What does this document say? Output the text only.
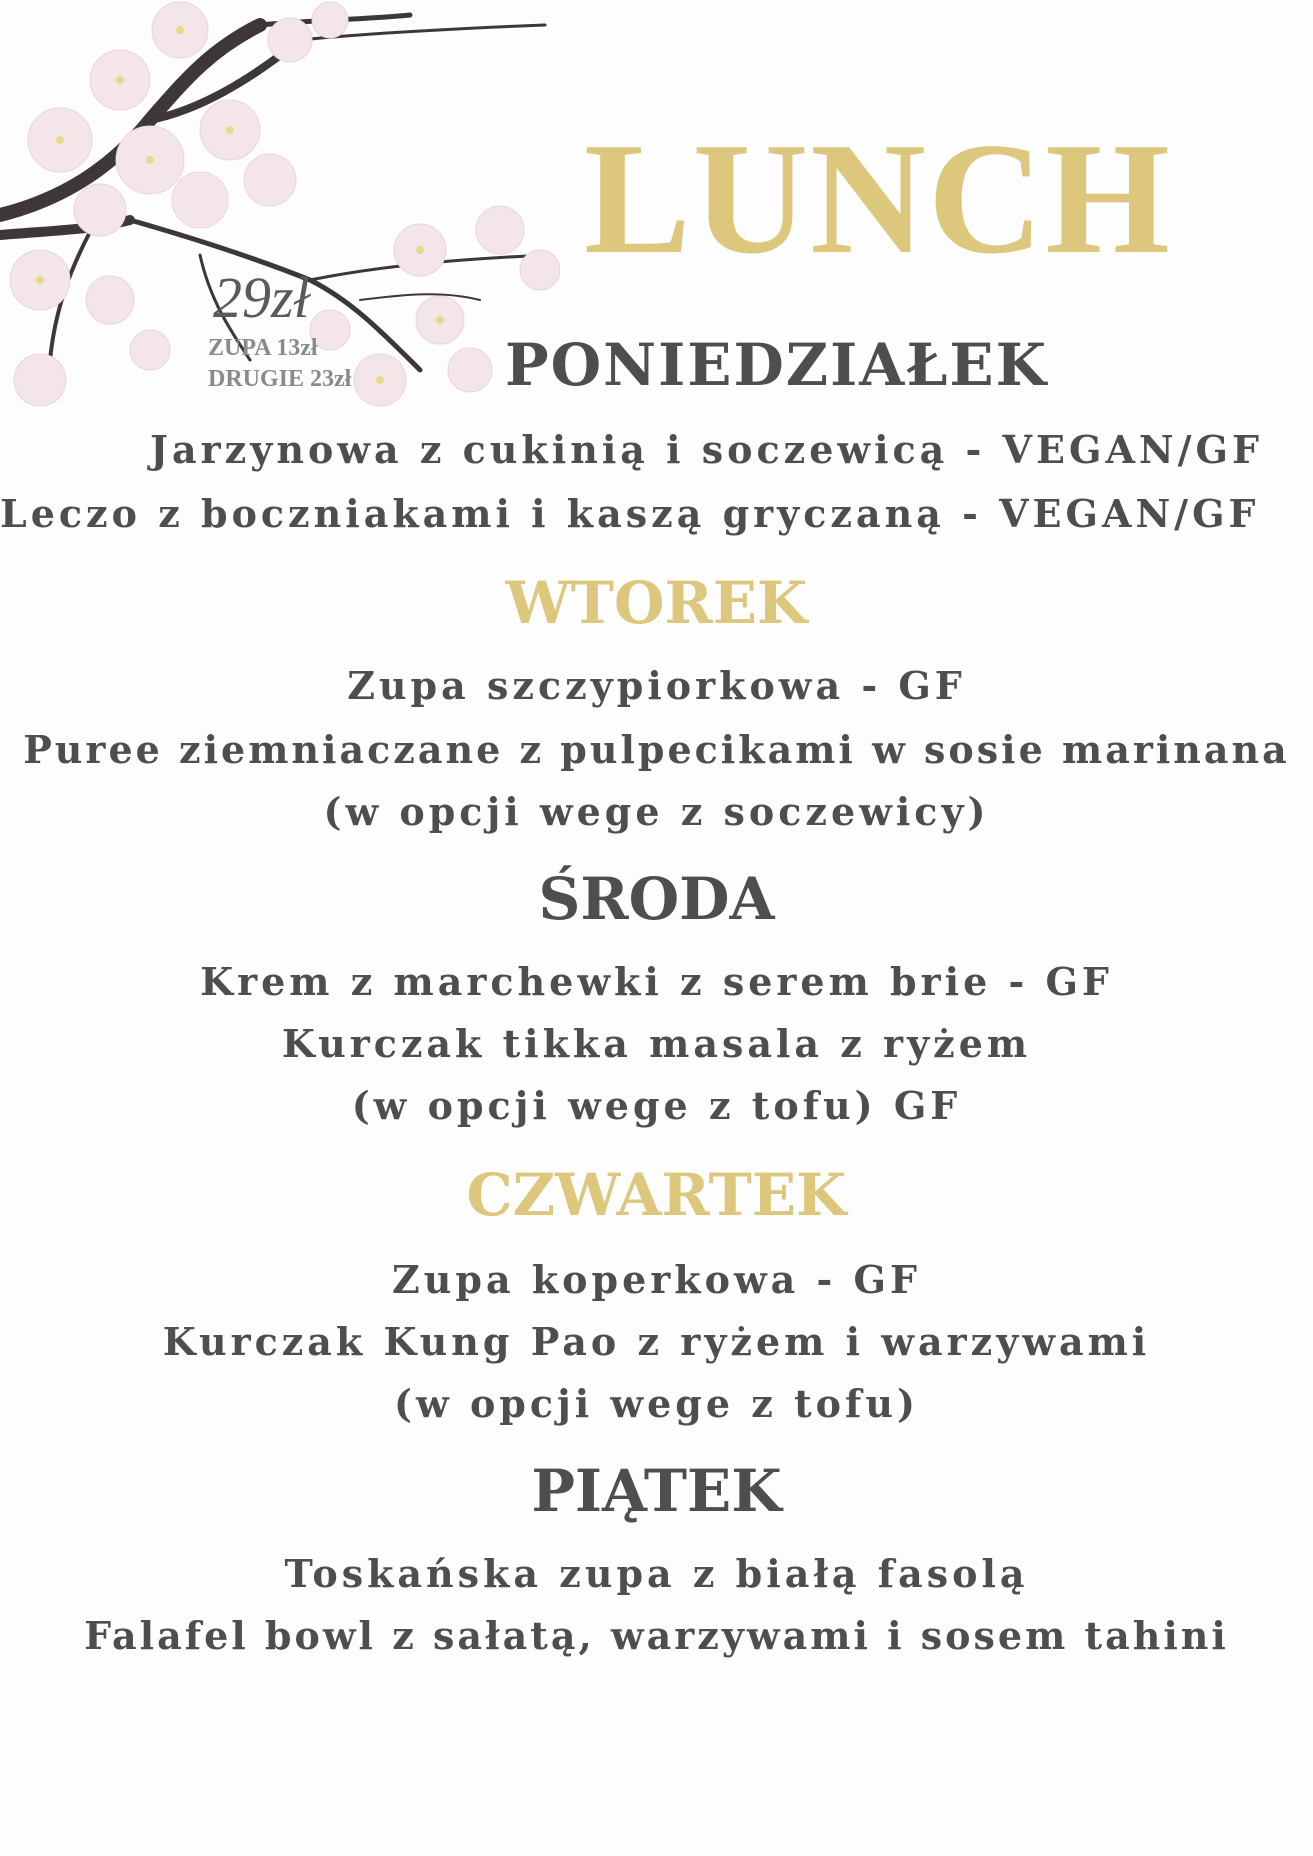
LUNCH
29zł
ZUPA 13zł
DRUGIE 23zł	PONIEDZIAŁEK
Jarzynowa z cukinią i soczewicą - VEGAN/GF
Leczo z boczniakami i kaszą gryczaną - VEGAN/GF
WTOREK
Zupa szczypiorkowa - GF
Puree ziemniaczane z pulpecikami w sosie marinana
(w opcji wege z soczewicy)
ŚRODA
Krem z marchewki z serem brie - GF
Kurczak tikka masala z ryżem
(w opcji wege z tofu) GF
CZWARTEK
Zupa koperkowa - GF
Kurczak Kung Pao z ryżem i warzywami
(w opcji wege z tofu)
PIĄTEK
Toskańska zupa z białą fasolą
Falafel bowl z sałatą, warzywami i sosem tahini
